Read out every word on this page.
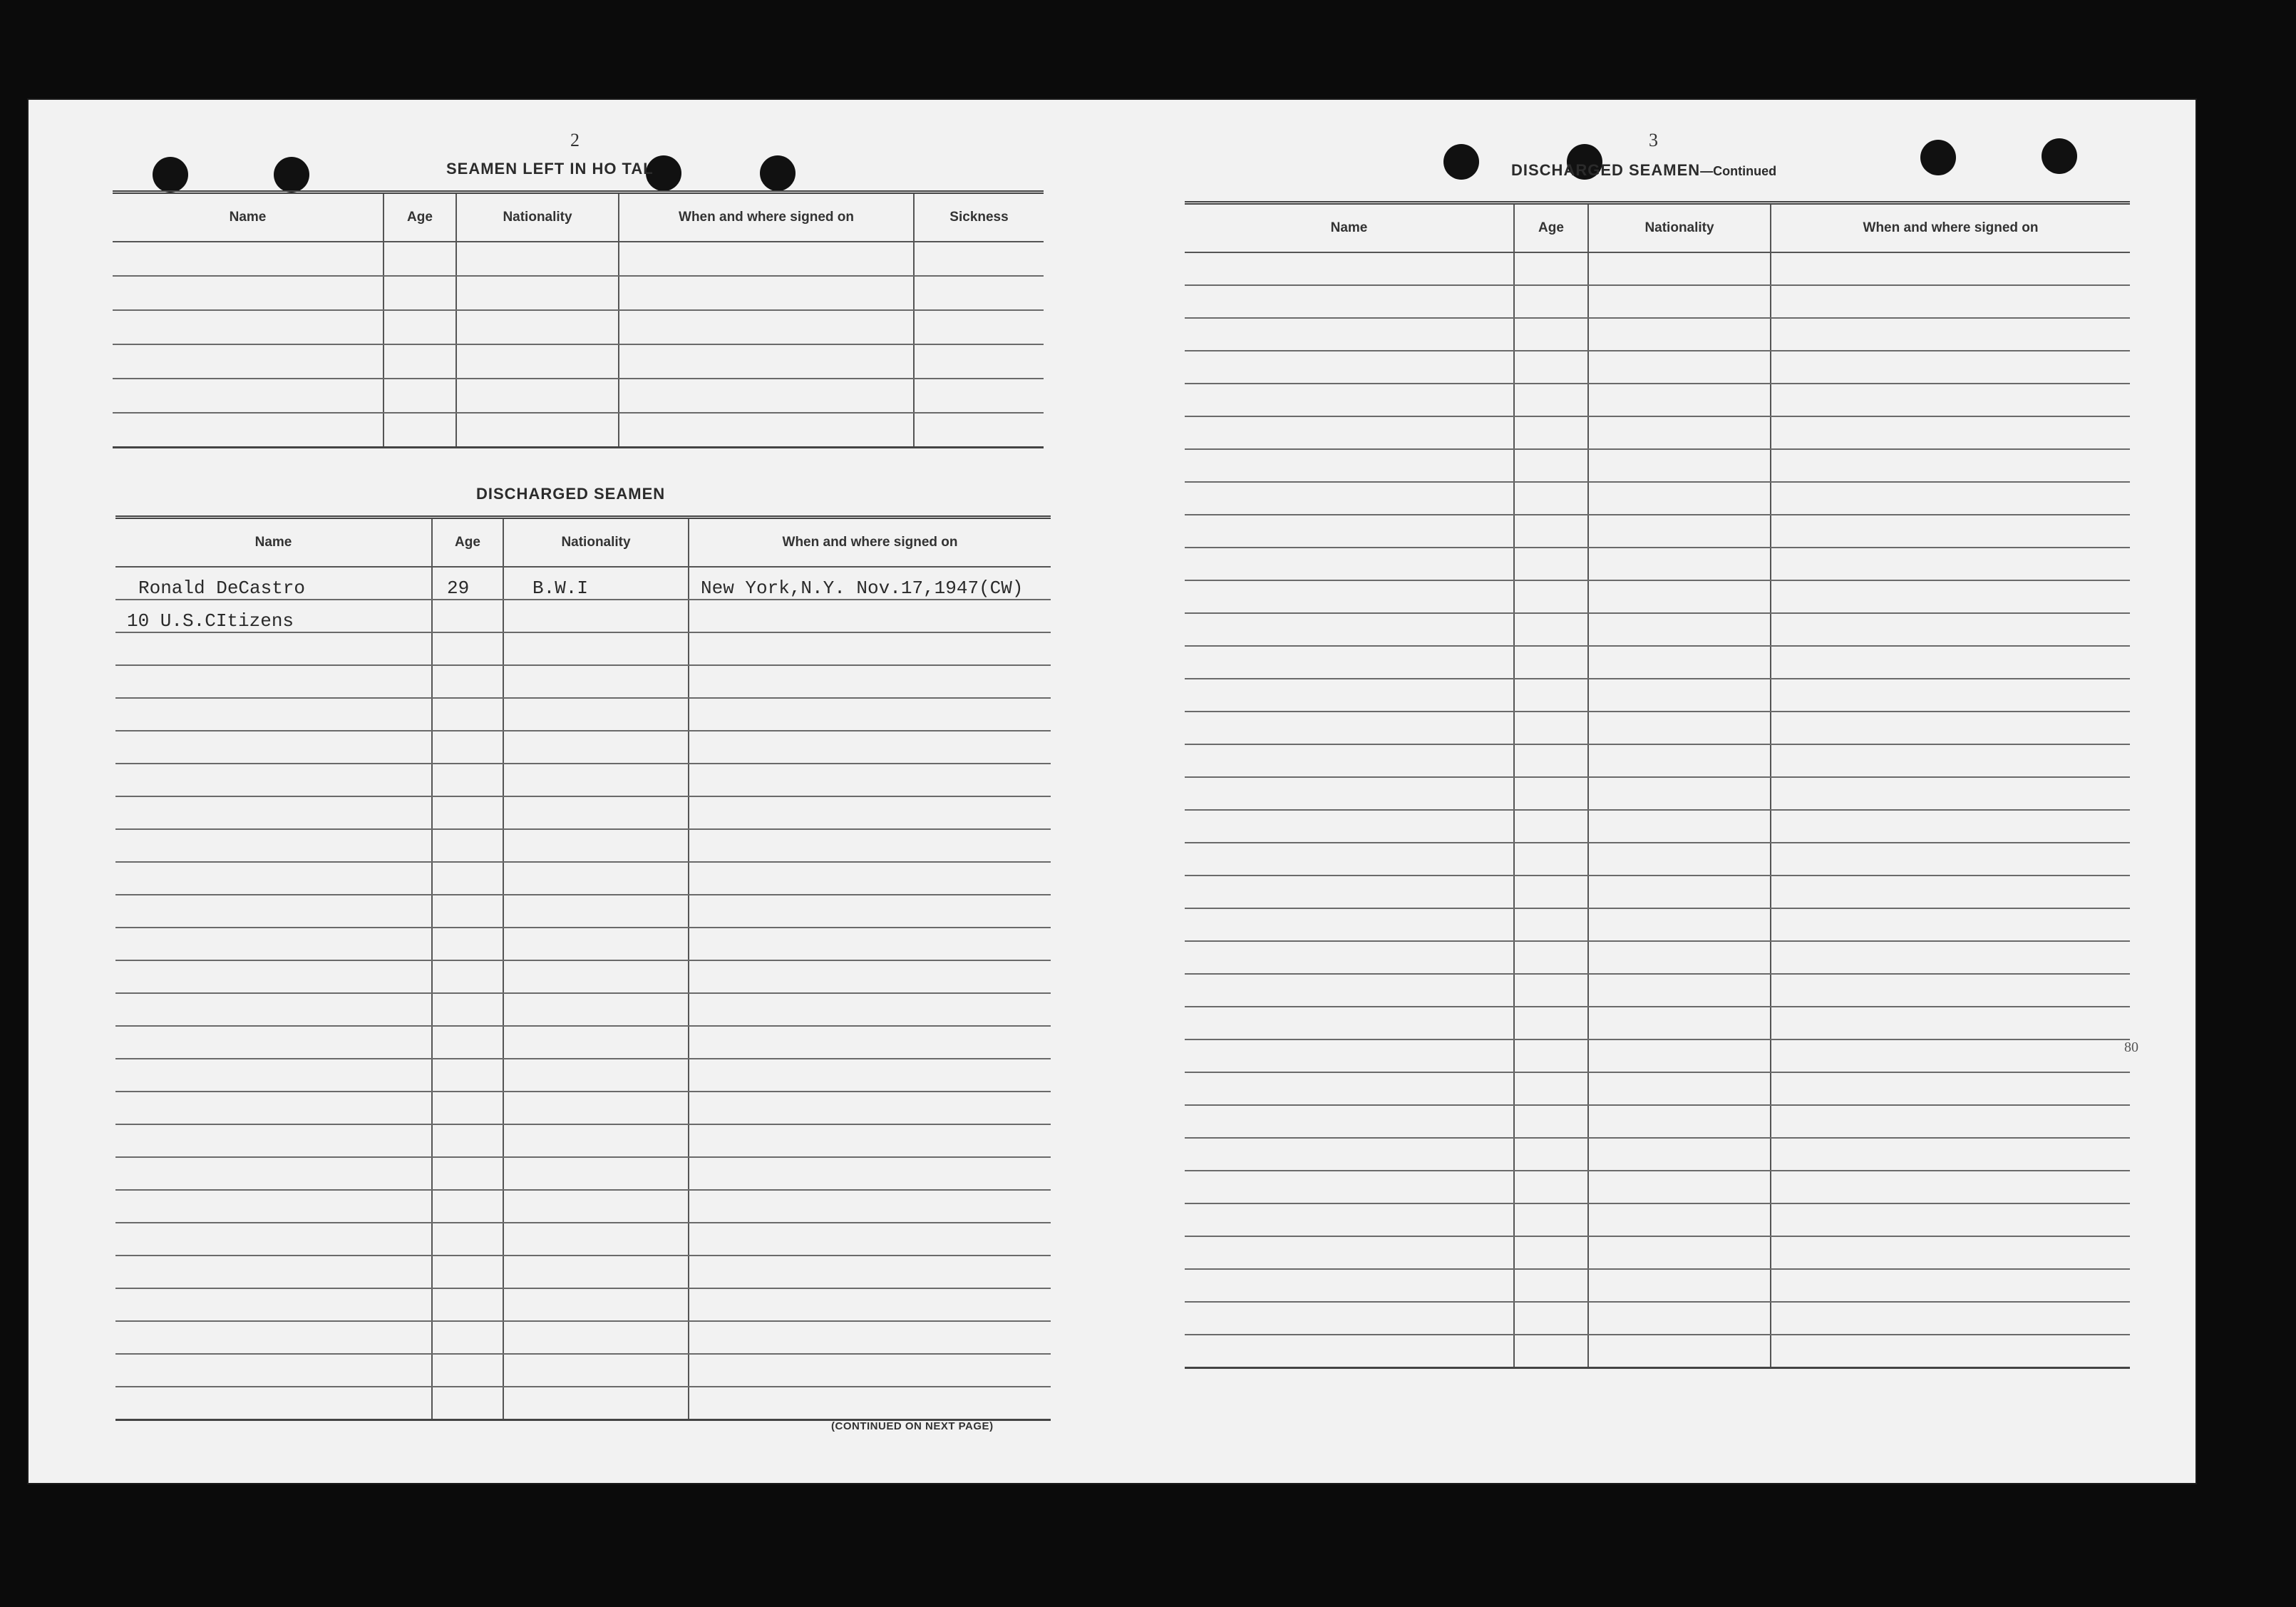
2
SEAMEN LEFT IN HO TAL
Name	Age	Nationality	When and where signed on	Sickness

DISCHARGED SEAMEN
Name	Age	Nationality	When and where signed on
Ronald DeCastro	29	B.W.I	New York,N.Y. Nov.17,1947(CW)
10 U.S.CItizens			

(CONTINUED ON NEXT PAGE)
3
DISCHARGED SEAMEN—Continued
Name	Age	Nationality	When and where signed on

80
